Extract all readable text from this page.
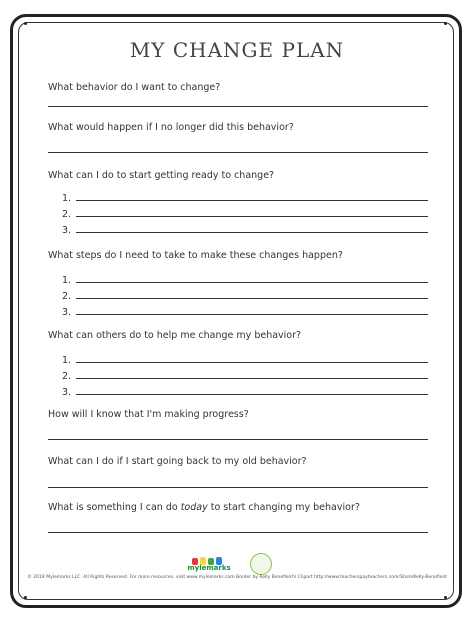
MY CHANGE PLAN
What behavior do I want to change?
What would happen if I no longer did this behavior?
What can I do to start getting ready to change?
1.
2.
3.
What steps do I need to take to make these changes happen?
1.
2.
3.
What can others do to help me change my behavior?
1.
2.
3.
How will I know that I'm making progress?
What can I do if I start going back to my old behavior?
What is something I can do today to start changing my behavior?
mylemarks
© 2018 Mylemarks LLC. All Rights Reserved. For more resources, visit www.mylemarks.com Border by Kelly Benefield's Clipart http://www.teacherspayteachers.com/Store/Kelly-Benefield
